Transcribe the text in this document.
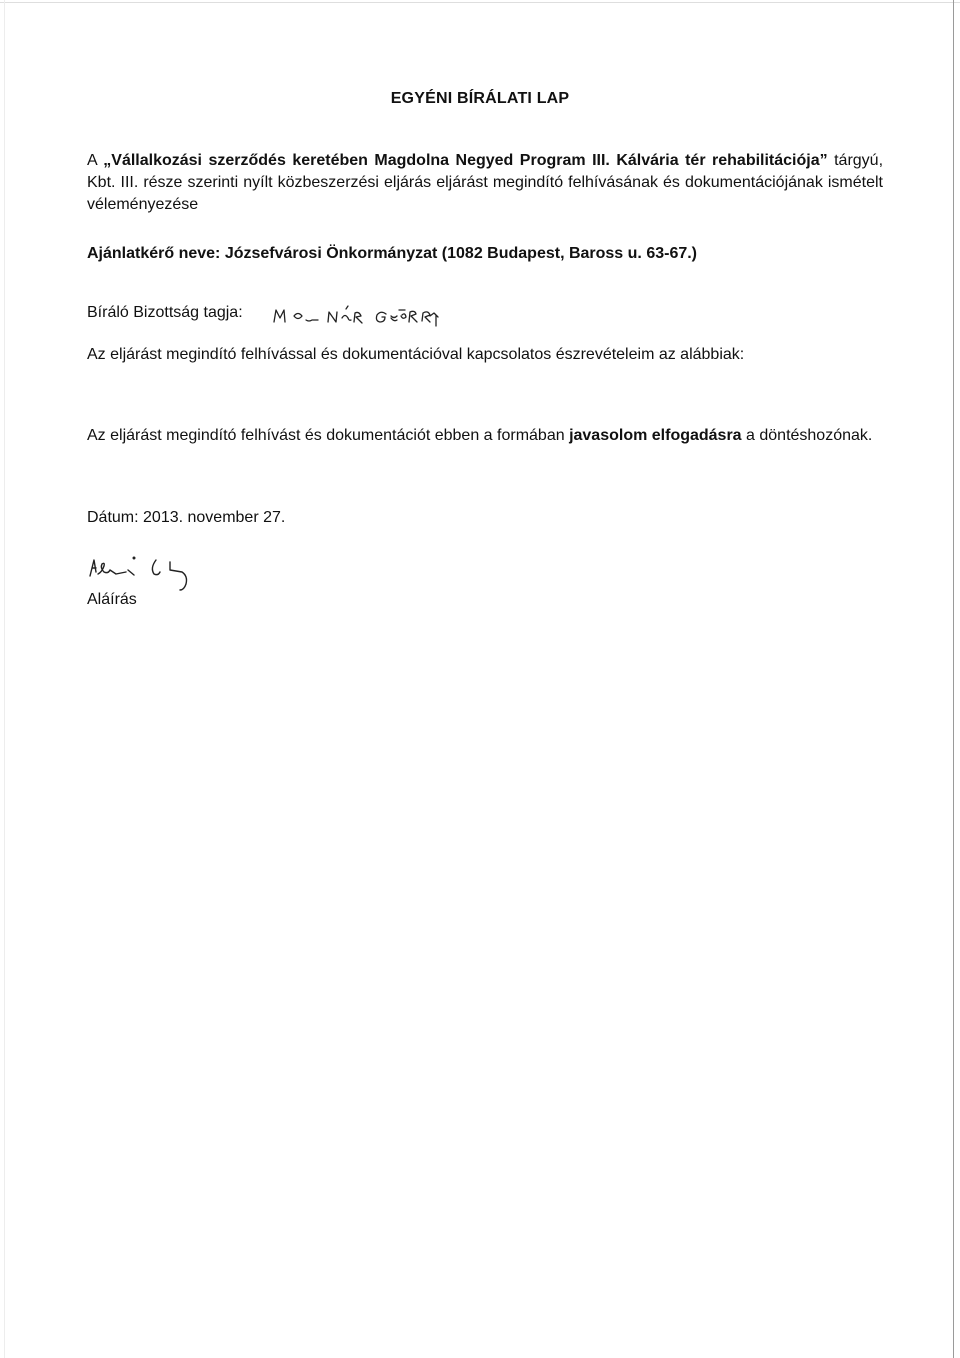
EGYÉNI BÍRÁLATI LAP
A „Vállalkozási szerződés keretében Magdolna Negyed Program III. Kálvária tér rehabilitációja” tárgyú, Kbt. III. része szerinti nyílt közbeszerzési eljárás eljárást megindító felhívásának és dokumentációjának ismételt véleményezése
Ajánlatkérő neve: Józsefvárosi Önkormányzat (1082 Budapest, Baross u. 63-67.)
Bíráló Bizottság tagja:
Az eljárást megindító felhívással és dokumentációval kapcsolatos észrevételeim az alábbiak:
Az eljárást megindító felhívást és dokumentációt ebben a formában javasolom elfogadásra a döntéshozónak.
Dátum: 2013. november 27.
Aláírás
